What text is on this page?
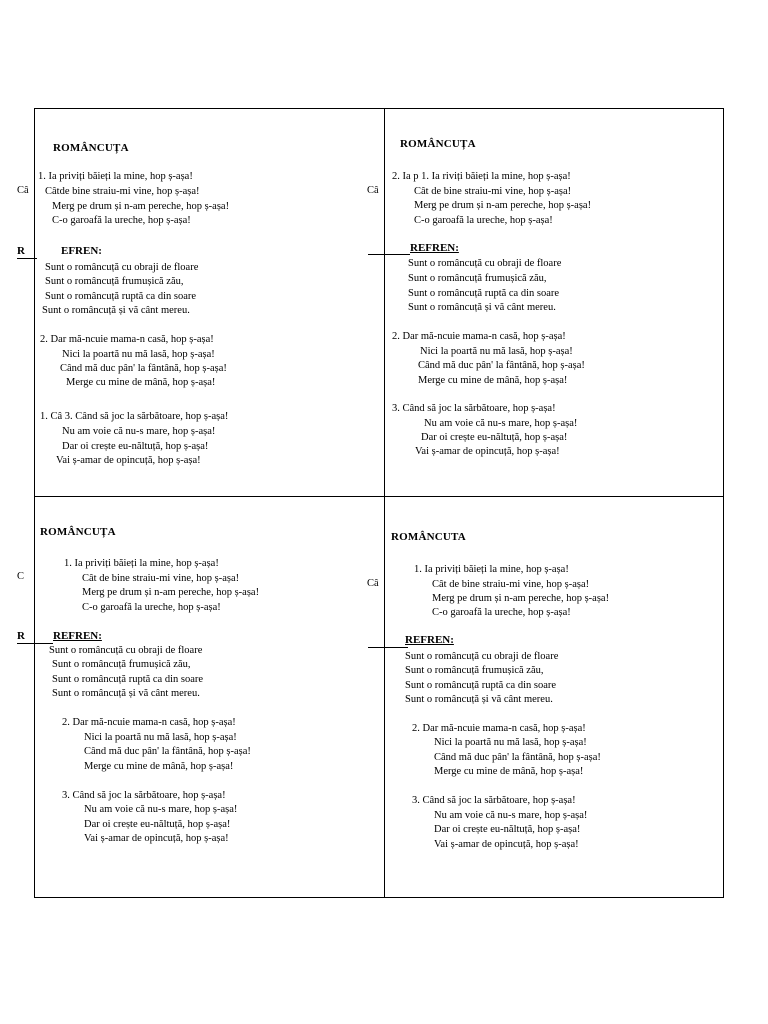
ROMÂNCUȚA
Câ
1. Ia priviți băieți la mine, hop ș-așa!
Câtde bine straiu-mi vine, hop ș-așa!
Merg pe drum și n-am pereche, hop ș-așa!
C-o garoafă la ureche, hop ș-așa!
R	EFREN:
Sunt o româncuță cu obraji de floare
Sunt o româncuță frumușică zău,
Sunt o româncuță ruptă ca din soare
Sunt o româncuță și vă cânt mereu.
2. Dar mă-ncuie mama-n casă, hop ș-așa!
Nici la poartă nu mă lasă, hop ș-așa!
Când mă duc pân' la fântână, hop ș-așa!
Merge cu mine de mână, hop ș-așa!
1. Câ 3. Când să joc la sărbătoare, hop ș-așa!
Nu am voie că nu-s mare, hop ș-așa!
Dar oi crește eu-năltuță, hop ș-așa!
Vai ș-amar de opincuță, hop ș-așa!
ROMÂNCUȚA
Câ
2. Ia p 1. Ia riviți băieți la mine, hop ș-așa!
Cât de bine straiu-mi vine, hop ș-așa!
Merg pe drum și n-am pereche, hop ș-așa!
C-o garoafă la ureche, hop ș-așa!
REFREN:
Sunt o româncuță cu obraji de floare
Sunt o româncuță frumușică zău,
Sunt o româncuță ruptă ca din soare
Sunt o româncuță și vă cânt mereu.
2. Dar mă-ncuie mama-n casă, hop ș-așa!
Nici la poartă nu mă lasă, hop ș-așa!
Când mă duc pân' la fântână, hop ș-așa!
Merge cu mine de mână, hop ș-așa!
3. Când să joc la sărbătoare, hop ș-așa!
Nu am voie că nu-s mare, hop ș-așa!
Dar oi crește eu-năltuță, hop ș-așa!
Vai ș-amar de opincuță, hop ș-așa!
ROMÂNCUȚA
C
1. Ia priviți băieți la mine, hop ș-așa!
Cât de bine straiu-mi vine, hop ș-așa!
Merg pe drum și n-am pereche, hop ș-așa!
C-o garoafă la ureche, hop ș-așa!
R	REFREN:
Sunt o româncuță cu obraji de floare
Sunt o româncuță frumușică zău,
Sunt o româncuță ruptă ca din soare
Sunt o româncuță și vă cânt mereu.
2. Dar mă-ncuie mama-n casă, hop ș-așa!
Nici la poartă nu mă lasă, hop ș-așa!
Când mă duc pân' la fântână, hop ș-așa!
Merge cu mine de mână, hop ș-așa!
3. Când să joc la sărbătoare, hop ș-așa!
Nu am voie că nu-s mare, hop ș-așa!
Dar oi crește eu-năltuță, hop ș-așa!
Vai ș-amar de opincuță, hop ș-așa!
ROMÂNCUTA
Câ
1. Ia priviți băieți la mine, hop ș-așa!
Cât de bine straiu-mi vine, hop ș-așa!
Merg pe drum și n-am pereche, hop ș-așa!
C-o garoafă la ureche, hop ș-așa!
REFREN:
Sunt o româncuță cu obraji de floare
Sunt o româncuță frumușică zău,
Sunt o româncuță ruptă ca din soare
Sunt o româncuță și vă cânt mereu.
2. Dar mă-ncuie mama-n casă, hop ș-așa!
Nici la poartă nu mă lasă, hop ș-așa!
Când mă duc pân' la fântână, hop ș-așa!
Merge cu mine de mână, hop ș-așa!
3. Când să joc la sărbătoare, hop ș-așa!
Nu am voie că nu-s mare, hop ș-așa!
Dar oi crește eu-năltuță, hop ș-așa!
Vai ș-amar de opincuță, hop ș-așa!
